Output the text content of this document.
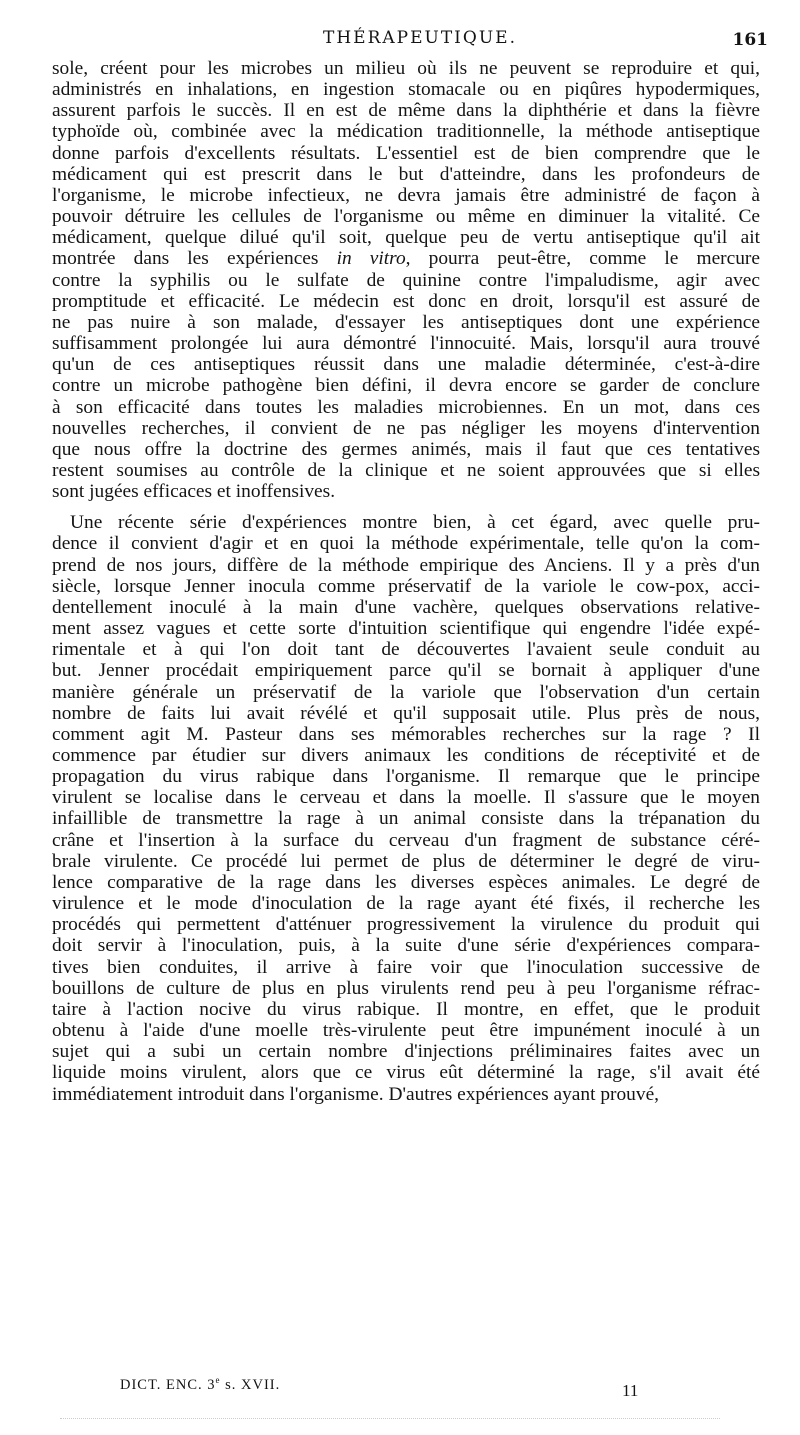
THÉRAPEUTIQUE.	161
sole, créent pour les microbes un milieu où ils ne peuvent se reproduire et qui,
administrés en inhalations, en ingestion stomacale ou en piqûres hypodermiques,
assurent parfois le succès. Il en est de même dans la diphthérie et dans la fièvre
typhoïde où, combinée avec la médication traditionnelle, la méthode antiseptique
donne parfois d'excellents résultats. L'essentiel est de bien comprendre que le
médicament qui est prescrit dans le but d'atteindre, dans les profondeurs de
l'organisme, le microbe infectieux, ne devra jamais être administré de façon à
pouvoir détruire les cellules de l'organisme ou même en diminuer la vitalité. Ce
médicament, quelque dilué qu'il soit, quelque peu de vertu antiseptique qu'il ait
montrée dans les expériences in vitro, pourra peut-être, comme le mercure
contre la syphilis ou le sulfate de quinine contre l'impaludisme, agir avec
promptitude et efficacité. Le médecin est donc en droit, lorsqu'il est assuré de
ne pas nuire à son malade, d'essayer les antiseptiques dont une expérience
suffisamment prolongée lui aura démontré l'innocuité. Mais, lorsqu'il aura trouvé
qu'un de ces antiseptiques réussit dans une maladie déterminée, c'est-à-dire
contre un microbe pathogène bien défini, il devra encore se garder de conclure
à son efficacité dans toutes les maladies microbiennes. En un mot, dans ces
nouvelles recherches, il convient de ne pas négliger les moyens d'intervention
que nous offre la doctrine des germes animés, mais il faut que ces tentatives
restent soumises au contrôle de la clinique et ne soient approuvées que si elles
sont jugées efficaces et inoffensives.
Une récente série d'expériences montre bien, à cet égard, avec quelle pru-
dence il convient d'agir et en quoi la méthode expérimentale, telle qu'on la com-
prend de nos jours, diffère de la méthode empirique des Anciens. Il y a près d'un
siècle, lorsque Jenner inocula comme préservatif de la variole le cow-pox, acci-
dentellement inoculé à la main d'une vachère, quelques observations relative-
ment assez vagues et cette sorte d'intuition scientifique qui engendre l'idée expé-
rimentale et à qui l'on doit tant de découvertes l'avaient seule conduit au
but. Jenner procédait empiriquement parce qu'il se bornait à appliquer d'une
manière générale un préservatif de la variole que l'observation d'un certain
nombre de faits lui avait révélé et qu'il supposait utile. Plus près de nous,
comment agit M. Pasteur dans ses mémorables recherches sur la rage ? Il
commence par étudier sur divers animaux les conditions de réceptivité et de
propagation du virus rabique dans l'organisme. Il remarque que le principe
virulent se localise dans le cerveau et dans la moelle. Il s'assure que le moyen
infaillible de transmettre la rage à un animal consiste dans la trépanation du
crâne et l'insertion à la surface du cerveau d'un fragment de substance céré-
brale virulente. Ce procédé lui permet de plus de déterminer le degré de viru-
lence comparative de la rage dans les diverses espèces animales. Le degré de
virulence et le mode d'inoculation de la rage ayant été fixés, il recherche les
procédés qui permettent d'atténuer progressivement la virulence du produit qui
doit servir à l'inoculation, puis, à la suite d'une série d'expériences compara-
tives bien conduites, il arrive à faire voir que l'inoculation successive de
bouillons de culture de plus en plus virulents rend peu à peu l'organisme réfrac-
taire à l'action nocive du virus rabique. Il montre, en effet, que le produit
obtenu à l'aide d'une moelle très-virulente peut être impunément inoculé à un
sujet qui a subi un certain nombre d'injections préliminaires faites avec un
liquide moins virulent, alors que ce virus eût déterminé la rage, s'il avait été
immédiatement introduit dans l'organisme. D'autres expériences ayant prouvé,
DICT. ENC. 3e s. XVII.	11
